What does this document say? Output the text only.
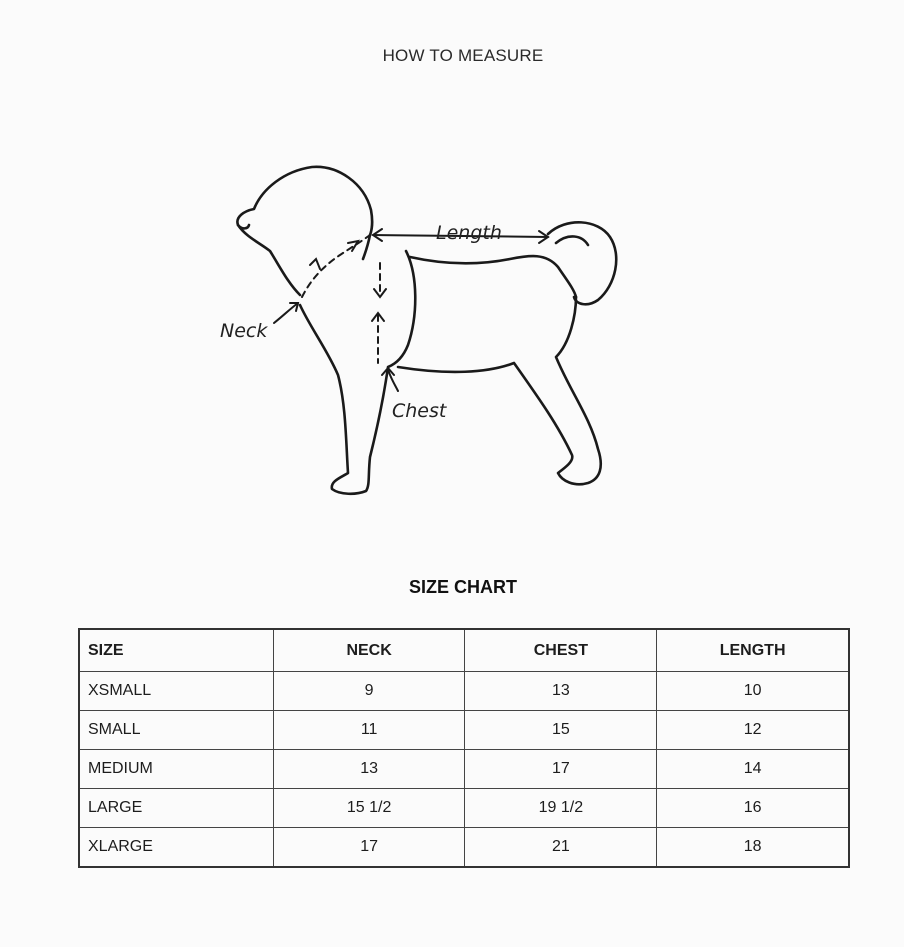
HOW TO MEASURE
Length
Neck
Chest
SIZE CHART
SIZE	NECK	CHEST	LENGTH
XSMALL	9	13	10
SMALL	11	15	12
MEDIUM	13	17	14
LARGE	15 1/2	19 1/2	16
XLARGE	17	21	18
